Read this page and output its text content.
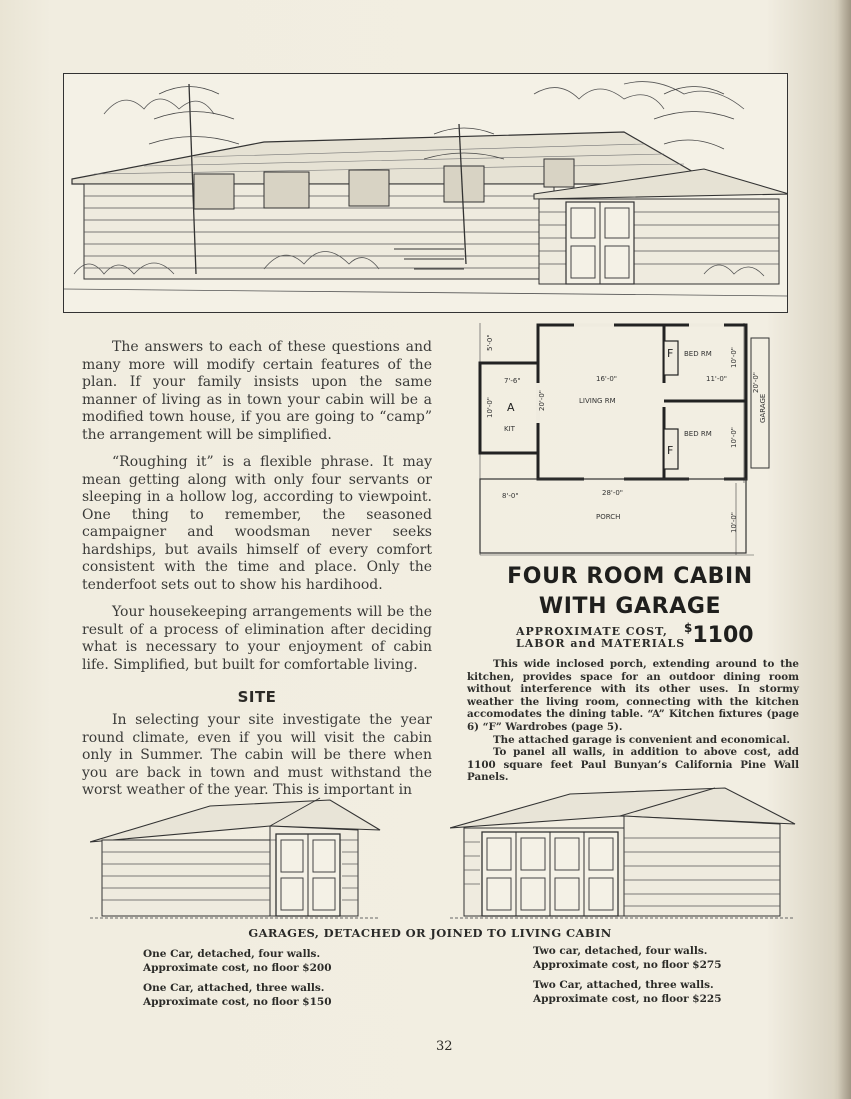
The answers to each of these questions and many more will modify certain features of the plan. If your family insists upon the same manner of living as in town your cabin will be a modified town house, if you are going to “camp” the arrangement will be simplified.

“Roughing it” is a flexible phrase. It may mean getting along with only four servants or sleeping in a hollow log, according to viewpoint. One thing to remember, the seasoned campaigner and woodsman never seeks hardships, but avails himself of every comfort consistent with the time and place. Only the tenderfoot sets out to show his hardihood.

Your housekeeping arrangements will be the result of a process of elimination after deciding what is necessary to your enjoyment of cabin life. Simplified, but built for comfortable living.

SITE

In selecting your site investigate the year round climate, even if you will visit the cabin only in Summer. The cabin will be there when you are back in town and must withstand the worst weather of the year. This is important in

BED RM
BED RM
LIVING RM
KIT
PORCH
GARAGE
16'-0"	11'-0"
7'-6"
8'-0"	28'-0"
10'-0"	20'-0"
10'-0"
10'-0"
10'-0"
20'-0"
5'-0"
A
F
F
FOUR ROOM CABIN
WITH GARAGE
APPROXIMATE COST,
LABOR and MATERIALS
$1100

This wide inclosed porch, extending around to the kitchen, provides space for an outdoor dining room without interference with its other uses. In stormy weather the living room, connecting with the kitchen accomodates the dining table. “A” Kitchen fixtures (page 6) “F” Wardrobes (page 5).

The attached garage is convenient and economical.

To panel all walls, in addition to above cost, add 1100 square feet Paul Bunyan’s California Pine Wall Panels.

GARAGES, DETACHED OR JOINED TO LIVING CABIN
One Car, detached, four walls.
Approximate cost, no floor $200
One Car, attached, three walls.
Approximate cost, no floor $150
Two car, detached, four walls.
Approximate cost, no floor $275
Two Car, attached, three walls.
Approximate cost, no floor $225
32
